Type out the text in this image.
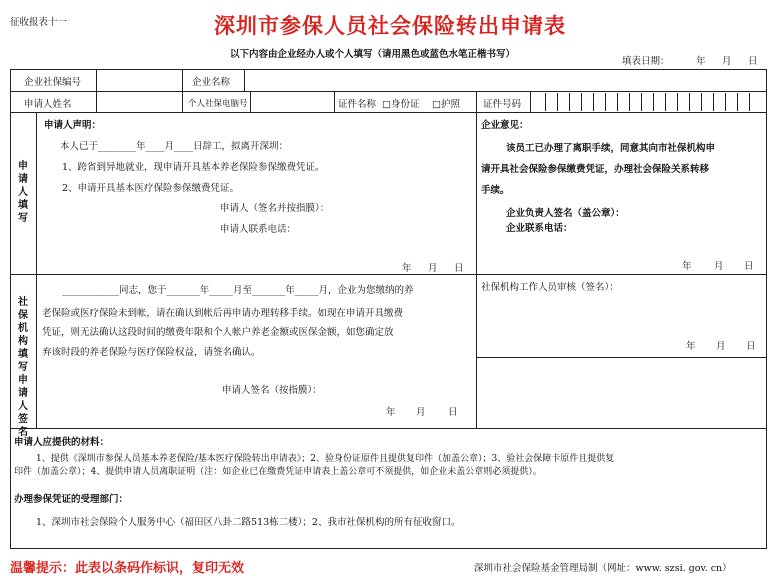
征收报表十一	深圳市参保人员社会保险转出申请表
以下内容由企业经办人或个人填写（请用黑色或蓝色水笔正楷书写）
填表日期：	年 月 日
企业社保编号	企业名称
申请人姓名	个人社保电脑号	证件名称 □身份证 □护照 证件号码
申请人填写
申请人声明：
本人已于________年____月____日辞工，拟离开深圳：
1、跨省到异地就业，现申请开具基本养老保险参保缴费凭证。
2、申请开具基本医疗保险参保缴费凭证。
申请人（签名并按指膜）：
申请人联系电话：
年 月 日
企业意见：
该员工已办理了离职手续，同意其向市社保机构申
请开具社会保险参保缴费凭证，办理社会保险关系转移
手续。
企业负责人签名（盖公章）：
企业联系电话：
年 月 日
社保机构填写申请人签名
____________同志，您于_______年_____月至_______年_____月，企业为您缴纳的养
老保险或医疗保险未到帐，请在确认到帐后再申请办理转移手续。如现在申请开具缴费
凭证，则无法确认这段时间的缴费年限和个人帐户养老金额或医保金额，如您确定放
弃该时段的养老保险与医疗保险权益，请签名确认。
申请人签名（按指膜）：
年 月 日
社保机构工作人员审核（签名）：
年 月 日
申请人应提供的材料：
1、提供《深圳市参保人员基本养老保险/基本医疗保险转出申请表》；2、验身份证原件且提供复印件（加盖公章）；3、验社会保障卡原件且提供复
印件（加盖公章）；4、提供申请人员离职证明（注：如企业已在缴费凭证申请表上盖公章可不须提供，如企业未盖公章则必须提供）。
办理参保凭证的受理部门：
1、深圳市社会保险个人服务中心（福田区八卦二路513栋二楼）；2、我市社保机构的所有征收窗口。
温馨提示：此表以条码作标识，复印无效	深圳市社会保险基金管理局制（网址：www. szsi. gov. cn）
